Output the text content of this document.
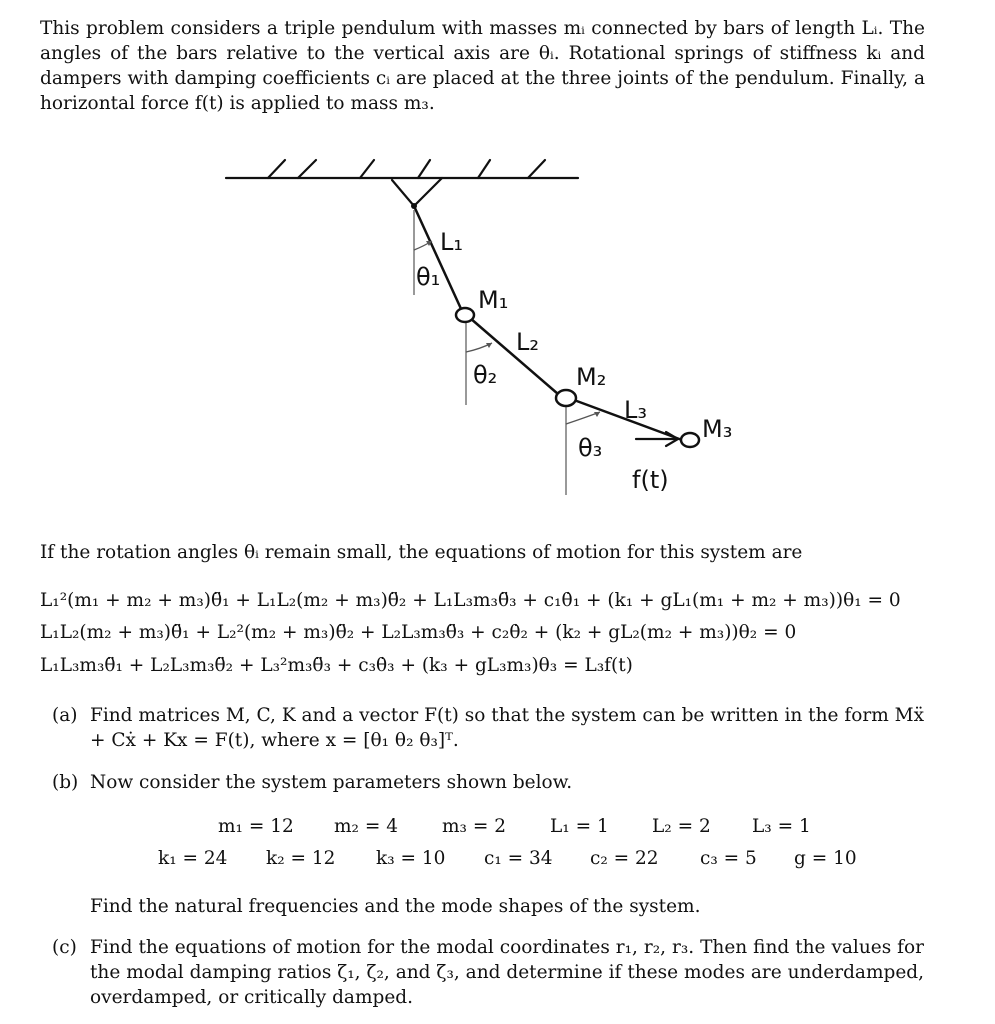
This problem considers a triple pendulum with masses mᵢ connected by bars of length Lᵢ. The angles of the bars relative to the vertical axis are θᵢ. Rotational springs of stiffness kᵢ and dampers with damping coefficients cᵢ are placed at the three joints of the pendulum. Finally, a horizontal force f(t) is applied to mass m₃.
L₁
θ₁
M₁
L₂
θ₂	M₂
L₃
θ₃
M₃
f(t)
If the rotation angles θᵢ remain small, the equations of motion for this system are
L₁²(m₁ + m₂ + m₃)θ̈₁ + L₁L₂(m₂ + m₃)θ̈₂ + L₁L₃m₃θ̈₃ + c₁θ̇₁ + (k₁ + gL₁(m₁ + m₂ + m₃))θ₁ = 0
L₁L₂(m₂ + m₃)θ̈₁ + L₂²(m₂ + m₃)θ̈₂ + L₂L₃m₃θ̈₃ + c₂θ̇₂ + (k₂ + gL₂(m₂ + m₃))θ₂ = 0
L₁L₃m₃θ̈₁ + L₂L₃m₃θ̈₂ + L₃²m₃θ̈₃ + c₃θ̇₃ + (k₃ + gL₃m₃)θ₃ = L₃f(t)
(a) Find matrices M, C, K and a vector F(t) so that the system can be written in the form Mẍ + Cẋ + Kx = F(t), where x = [θ₁ θ₂ θ₃]ᵀ.
(b) Now consider the system parameters shown below.
m₁ = 12 m₂ = 4 m₃ = 2 L₁ = 1 L₂ = 2 L₃ = 1
k₁ = 24 k₂ = 12 k₃ = 10 c₁ = 34 c₂ = 22 c₃ = 5 g = 10
Find the natural frequencies and the mode shapes of the system.
(c) Find the equations of motion for the modal coordinates r₁, r₂, r₃. Then find the values for the modal damping ratios ζ₁, ζ₂, and ζ₃, and determine if these modes are underdamped, overdamped, or critically damped.
